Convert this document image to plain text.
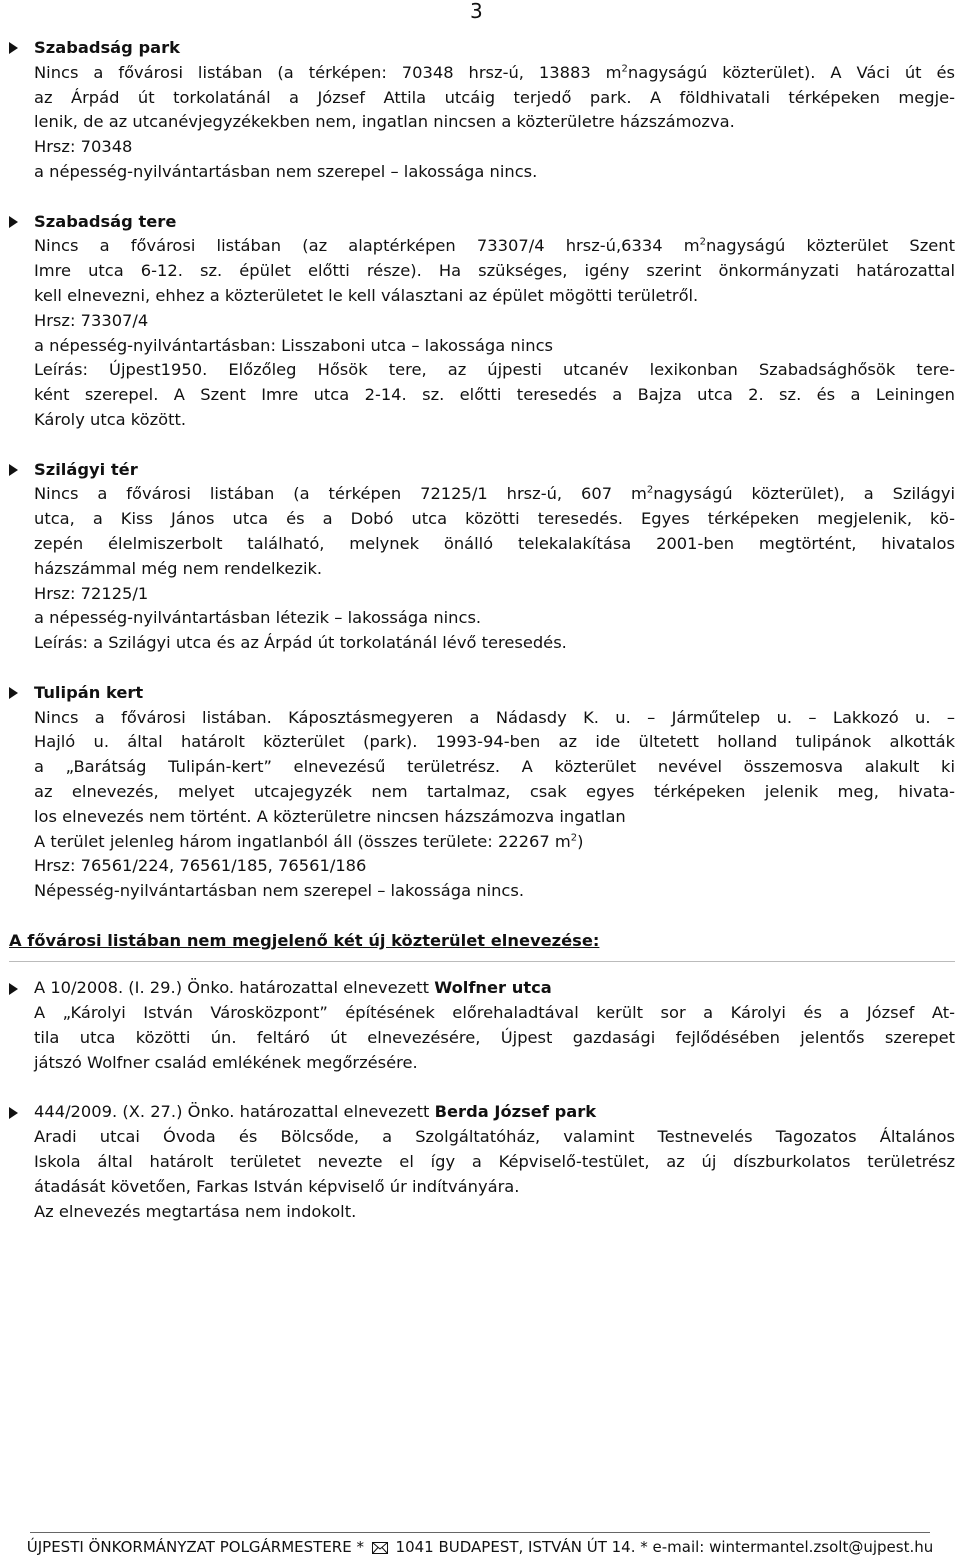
3
Szabadság park
Nincs a fővárosi listában (a térképen: 70348 hrsz-ú, 13883 $m^2nagyságú$ közterület). A Váci út és
az Árpád út torkolatánál a József Attila utcáig terjedő park. A földhivatali térképeken megje-
lenik, de az utcanévjegyzékekben nem, ingatlan nincsen a közterületre házszámozva.
Hrsz: 70348
a népesség-nyilvántartásban nem szerepel – lakossága nincs.
Szabadság tere
Nincs a fővárosi listában (az alaptérképen 73307/4 hrsz-ú,6334 $m^2nagyságú$ közterület Szent
Imre utca 6-12. sz. épület előtti része). Ha szükséges, igény szerint önkormányzati határozattal
kell elnevezni, ehhez a közterületet le kell választani az épület mögötti területről.
Hrsz: 73307/4
a népesség-nyilvántartásban: Lisszaboni utca – lakossága nincs
Leírás: Újpest1950. Előzőleg Hősök tere, az újpesti utcanév lexikonban Szabadsághősök tere-
ként szerepel. A Szent Imre utca 2-14. sz. előtti teresedés a Bajza utca 2. sz. és a Leiningen
Károly utca között.
Szilágyi tér
Nincs a fővárosi listában (a térképen 72125/1 hrsz-ú, 607 $m^2nagyságú$ közterület), a Szilágyi
utca, a Kiss János utca és a Dobó utca közötti teresedés. Egyes térképeken megjelenik, kö-
zepén élelmiszerbolt található, melynek önálló telekalakítása 2001-ben megtörtént, hivatalos
házszámmal még nem rendelkezik.
Hrsz: 72125/1
a népesség-nyilvántartásban létezik – lakossága nincs.
Leírás: a Szilágyi utca és az Árpád út torkolatánál lévő teresedés.
Tulipán kert
Nincs a fővárosi listában. Káposztásmegyeren a Nádasdy K. u. – Járműtelep u. – Lakkozó u. –
Hajló u. által határolt közterület (park). 1993-94-ben az ide ültetett holland tulipánok alkották
a „Barátság Tulipán-kert” elnevezésű területrész. A közterület nevével összemosva alakult ki
az elnevezés, melyet utcajegyzék nem tartalmaz, csak egyes térképeken jelenik meg, hivata-
los elnevezés nem történt. A közterületre nincsen házszámozva ingatlan
A terület jelenleg három ingatlanból áll (összes területe: 22267 $m^2$)
Hrsz: 76561/224, 76561/185, 76561/186
Népesség-nyilvántartásban nem szerepel – lakossága nincs.
A fővárosi listában nem megjelenő két új közterület elnevezése:
A 10/2008. (I. 29.) Önko. határozattal elnevezett Wolfner utca
A „Károlyi István Városközpont” építésének előrehaladtával került sor a Károlyi és a József At-
tila utca közötti ún. feltáró út elnevezésére, Újpest gazdasági fejlődésében jelentős szerepet
játszó Wolfner család emlékének megőrzésére.
444/2009. (X. 27.) Önko. határozattal elnevezett Berda József park
Aradi utcai Óvoda és Bölcsőde, a Szolgáltatóház, valamint Testnevelés Tagozatos Általános
Iskola által határolt területet nevezte el így a Képviselő-testület, az új díszburkolatos területrész
átadását követően, Farkas István képviselő úr indítványára.
Az elnevezés megtartása nem indokolt.
ÚJPESTI ÖNKORMÁNYZAT POLGÁRMESTERE * 1041 BUDAPEST, ISTVÁN ÚT 14. * e-mail: wintermantel.zsolt@ujpest.hu
